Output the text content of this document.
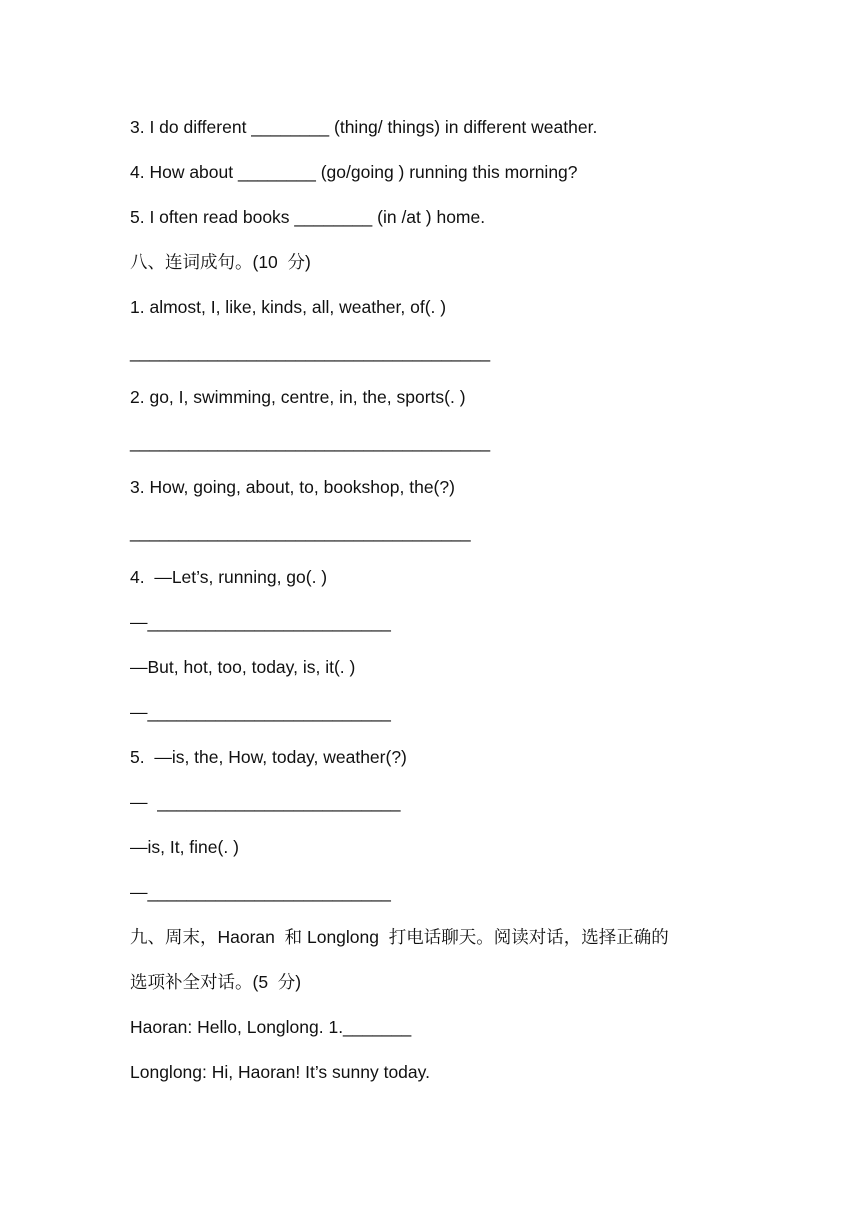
3. I do different ________ (thing/ things) in different weather.
4. How about ________ (go/going ) running this morning?
5. I often read books ________ (in /at ) home.
八、连词成句。(10  分)
1. almost, I, like, kinds, all, weather, of(. )
_____________________________________
2. go, I, swimming, centre, in, the, sports(. )
_____________________________________
3. How, going, about, to, bookshop, the(?)
___________________________________
4.  —Let’s, running, go(. )
—_________________________
—But, hot, too, today, is, it(. )
—_________________________
5.  —is, the, How, today, weather(?)
—  _________________________
—is, It, fine(. )
—_________________________
九、周末，Haoran  和 Longlong  打电话聊天。阅读对话，选择正确的
选项补全对话。(5  分)
Haoran: Hello, Longlong. 1._______
Longlong: Hi, Haoran! It’s sunny today.
